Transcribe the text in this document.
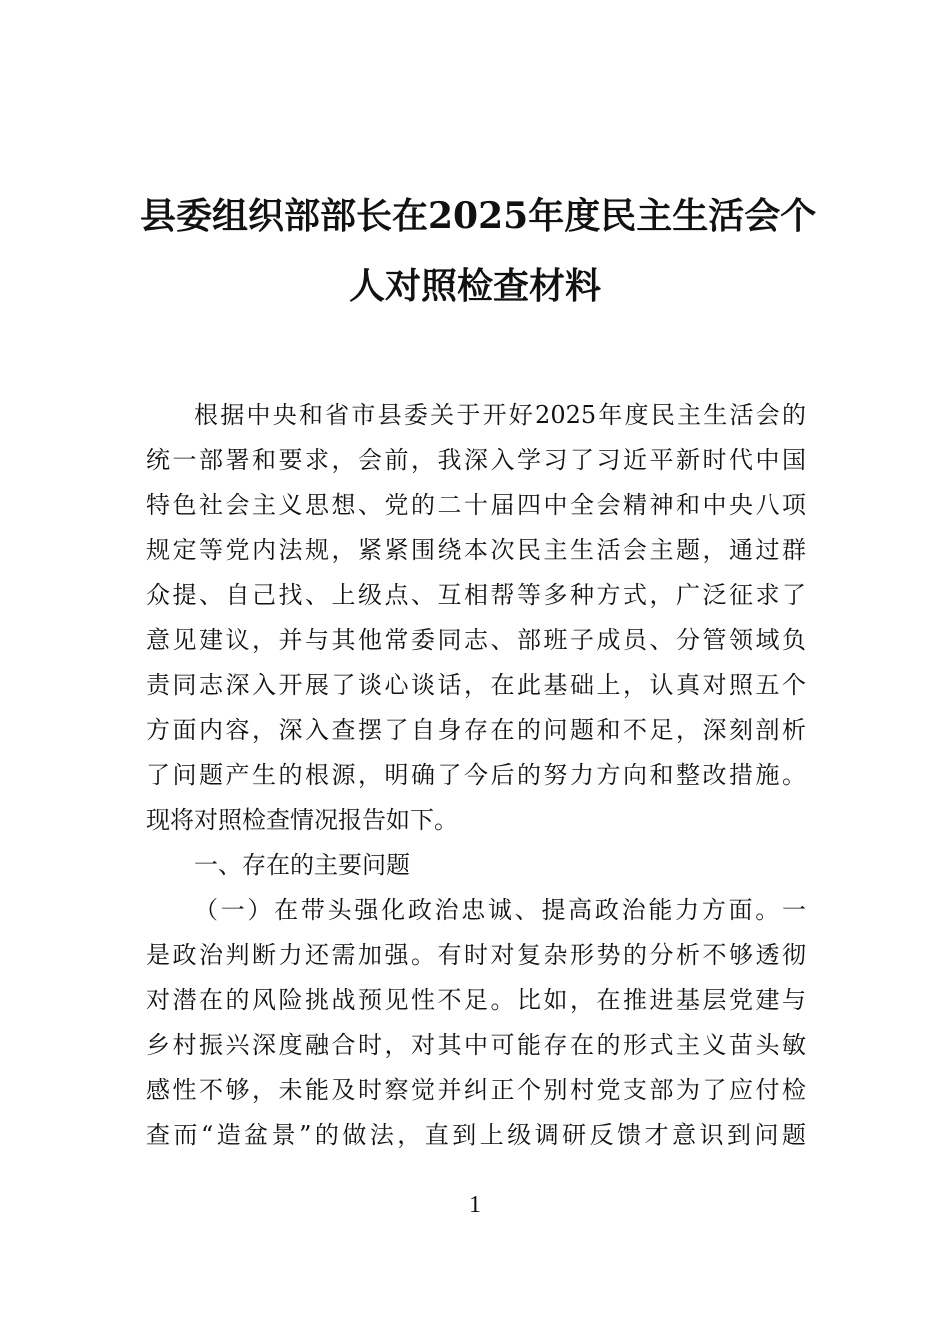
县委组织部部长在2025年度民主生活会个
人对照检查材料
根据中央和省市县委关于开好2025年度民主生活会的
统一部署和要求，会前，我深入学习了习近平新时代中国
特色社会主义思想、党的二十届四中全会精神和中央八项
规定等党内法规，紧紧围绕本次民主生活会主题，通过群
众提、自己找、上级点、互相帮等多种方式，广泛征求了
意见建议，并与其他常委同志、部班子成员、分管领域负
责同志深入开展了谈心谈话，在此基础上，认真对照五个
方面内容，深入查摆了自身存在的问题和不足，深刻剖析
了问题产生的根源，明确了今后的努力方向和整改措施。
现将对照检查情况报告如下。
一、存在的主要问题
（一）在带头强化政治忠诚、提高政治能力方面。一
是政治判断力还需加强。有时对复杂形势的分析不够透彻
对潜在的风险挑战预见性不足。比如，在推进基层党建与
乡村振兴深度融合时，对其中可能存在的形式主义苗头敏
感性不够，未能及时察觉并纠正个别村党支部为了应付检
查而“造盆景”的做法，直到上级调研反馈才意识到问题
1
